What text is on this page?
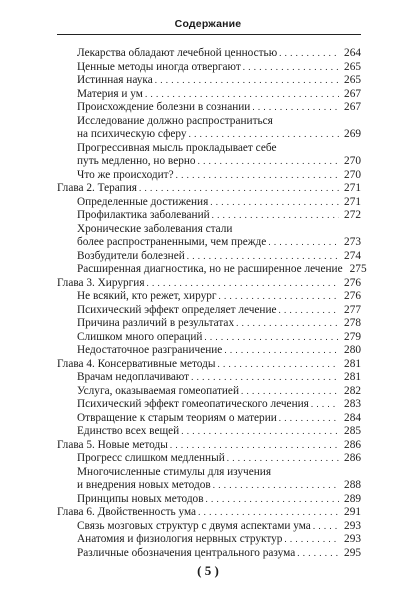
Содержание
Лекарства обладают лечебной ценностью . . .	264
Ценные методы иногда отвергают . . .	265
Истинная наука . . .	265
Материя и ум . . .	267
Происхождение болезни в сознании . . .	267
Исследование должно распространиться
на психическую сферу . . .	269
Прогрессивная мысль прокладывает себе
путь медленно, но верно . . .	270
Что же происходит? . . .	270
Глава 2. Терапия . . .	271
Определенные достижения . . .	271
Профилактика заболеваний . . .	272
Хронические заболевания стали
более распространенными, чем прежде . . .	273
Возбудители болезней . . .	274
Расширенная диагностика, но не расширенное лечение 275
Глава 3. Хирургия . . .	276
Не всякий, кто режет, хирург . . .	276
Психический эффект определяет лечение . . .	277
Причина различий в результатах . . .	278
Слишком много операций . . .	279
Недостаточное разграничение . . .	280
Глава 4. Консервативные методы . . .	281
Врачам недоплачивают . . .	281
Услуга, оказываемая гомеопатией . . .	282
Психический эффект гомеопатического лечения . . .	283
Отвращение к старым теориям о материи . . .	284
Единство всех вещей . . .	285
Глава 5. Новые методы . . .	286
Прогресс слишком медленный . . .	286
Многочисленные стимулы для изучения
и внедрения новых методов . . .	288
Принципы новых методов . . .	289
Глава 6. Двойственность ума . . .	291
Связь мозговых структур с двумя аспектами ума . . .	293
Анатомия и физиология нервных структур . . .	293
Различные обозначения центрального разума . . .	295
( 5 )
